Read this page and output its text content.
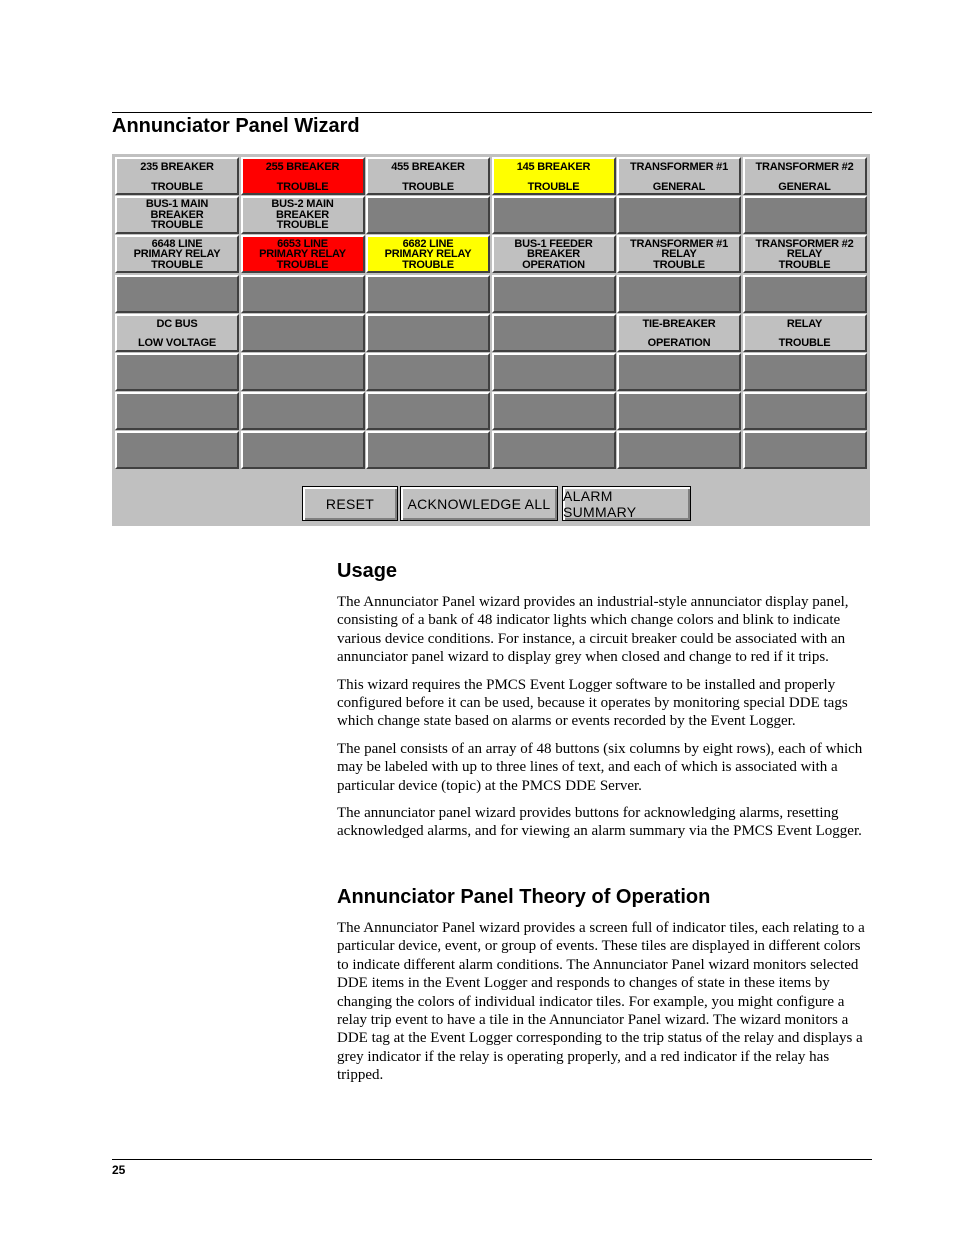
Annunciator Panel Wizard
235 BREAKER
TROUBLE
255 BREAKER
TROUBLE
455 BREAKER
TROUBLE
145 BREAKER
TROUBLE
TRANSFORMER #1
GENERAL
TRANSFORMER #2
GENERAL
BUS-1 MAIN
BREAKER
TROUBLE
BUS-2 MAIN
BREAKER
TROUBLE
6648 LINE
PRIMARY RELAY
TROUBLE
6653 LINE
PRIMARY RELAY
TROUBLE
6682 LINE
PRIMARY RELAY
TROUBLE
BUS-1 FEEDER
BREAKER
OPERATION
TRANSFORMER #1
RELAY
TROUBLE
TRANSFORMER #2
RELAY
TROUBLE
DC BUS
LOW VOLTAGE
TIE-BREAKER
OPERATION
RELAY
TROUBLE
RESET	ACKNOWLEDGE ALL ALARM SUMMARY
Usage

The Annunciator Panel wizard provides an industrial-style annunciator display panel, consisting of a bank of 48 indicator lights which change colors and blink to indicate various device conditions. For instance, a circuit breaker could be associated with an annunciator panel wizard to display grey when closed and change to red if it trips.

This wizard requires the PMCS Event Logger software to be installed and properly configured before it can be used, because it operates by monitoring special DDE tags which change state based on alarms or events recorded by the Event Logger.

The panel consists of an array of 48 buttons (six columns by eight rows), each of which may be labeled with up to three lines of text, and each of which is associated with a particular device (topic) at the PMCS DDE Server.

The annunciator panel wizard provides buttons for acknowledging alarms, resetting acknowledged alarms, and for viewing an alarm summary via the PMCS Event Logger.

Annunciator Panel Theory of Operation

The Annunciator Panel wizard provides a screen full of indicator tiles, each relating to a particular device, event, or group of events. These tiles are displayed in different colors to indicate different alarm conditions. The Annunciator Panel wizard monitors selected DDE items in the Event Logger and responds to changes of state in these items by changing the colors of individual indicator tiles. For example, you might configure a relay trip event to have a tile in the Annunciator Panel wizard. The wizard monitors a DDE tag at the Event Logger corresponding to the trip status of the relay and displays a grey indicator if the relay is operating properly, and a red indicator if the relay has tripped.

25
